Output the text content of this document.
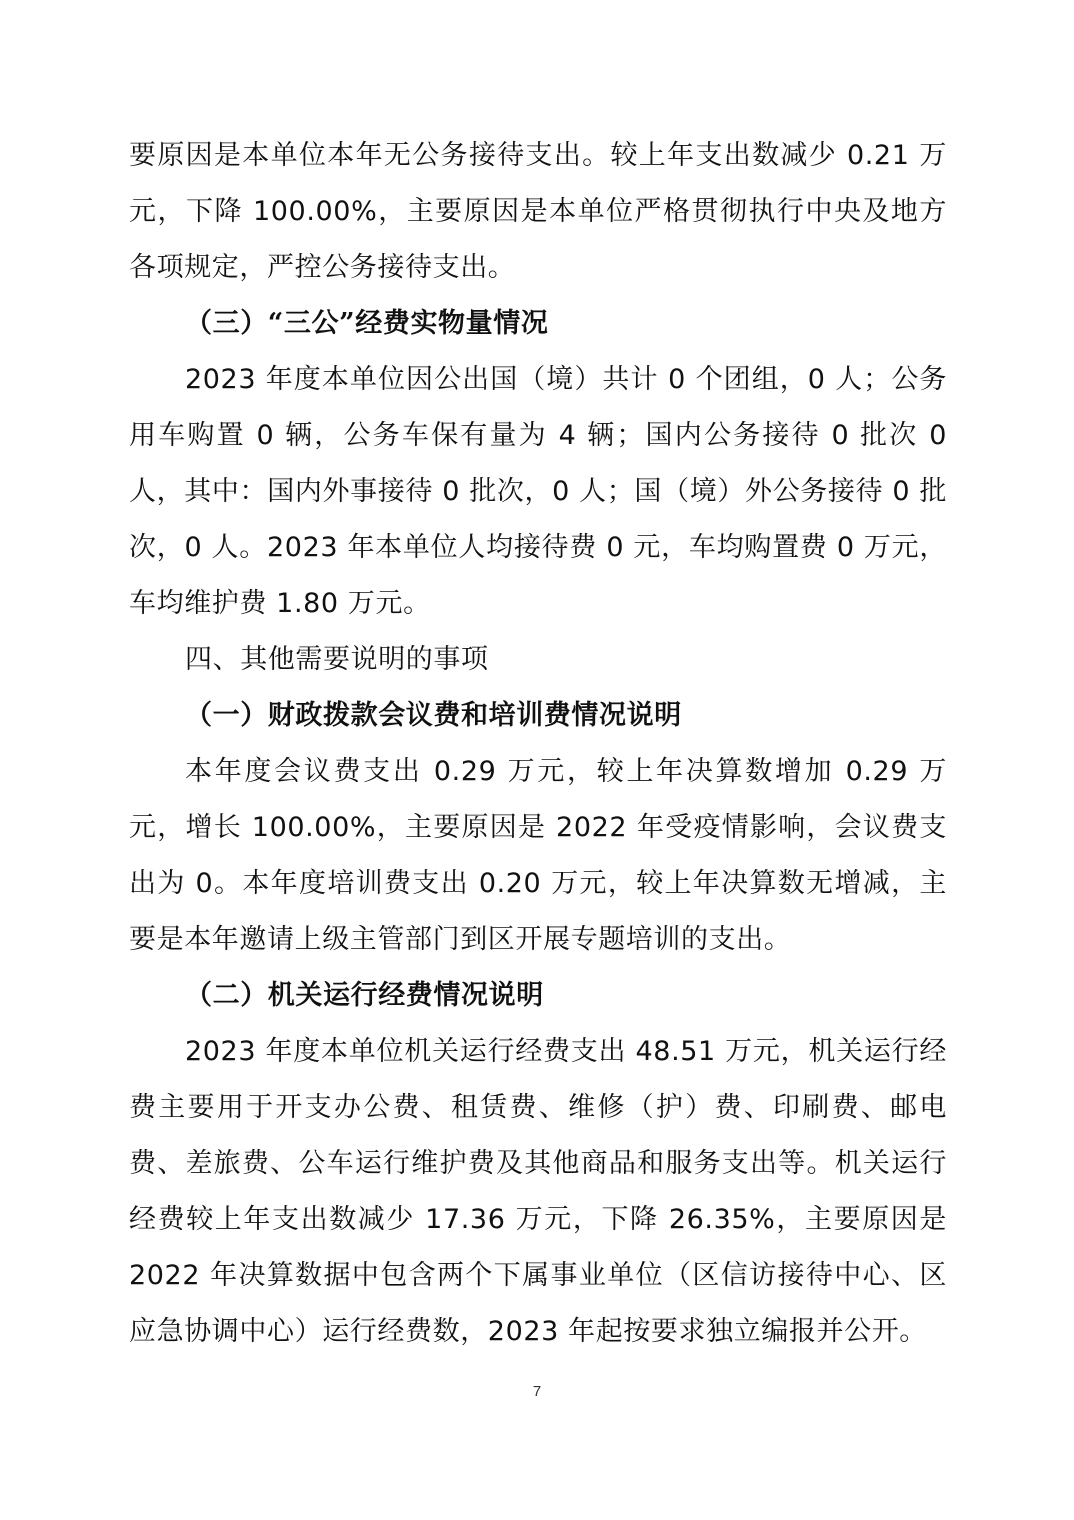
要原因是本单位本年无公务接待支出。较上年支出数减少 0.21 万元，下降 100.00%，主要原因是本单位严格贯彻执行中央及地方各项规定，严控公务接待支出。

（三）“三公”经费实物量情况

2023 年度本单位因公出国（境）共计 0 个团组，0 人；公务用车购置 0 辆，公务车保有量为 4 辆；国内公务接待 0 批次 0 人，其中：国内外事接待 0 批次，0 人；国（境）外公务接待 0 批次，0 人。2023 年本单位人均接待费 0 元，车均购置费 0 万元，车均维护费 1.80 万元。

四、其他需要说明的事项

（一）财政拨款会议费和培训费情况说明

本年度会议费支出 0.29 万元，较上年决算数增加 0.29 万元，增长 100.00%，主要原因是 2022 年受疫情影响，会议费支出为 0。本年度培训费支出 0.20 万元，较上年决算数无增减，主要是本年邀请上级主管部门到区开展专题培训的支出。

（二）机关运行经费情况说明

2023 年度本单位机关运行经费支出 48.51 万元，机关运行经费主要用于开支办公费、租赁费、维修（护）费、印刷费、邮电费、差旅费、公车运行维护费及其他商品和服务支出等。机关运行经费较上年支出数减少 17.36 万元，下降 26.35%，主要原因是 2022 年决算数据中包含两个下属事业单位（区信访接待中心、区应急协调中心）运行经费数，2023 年起按要求独立编报并公开。

7
